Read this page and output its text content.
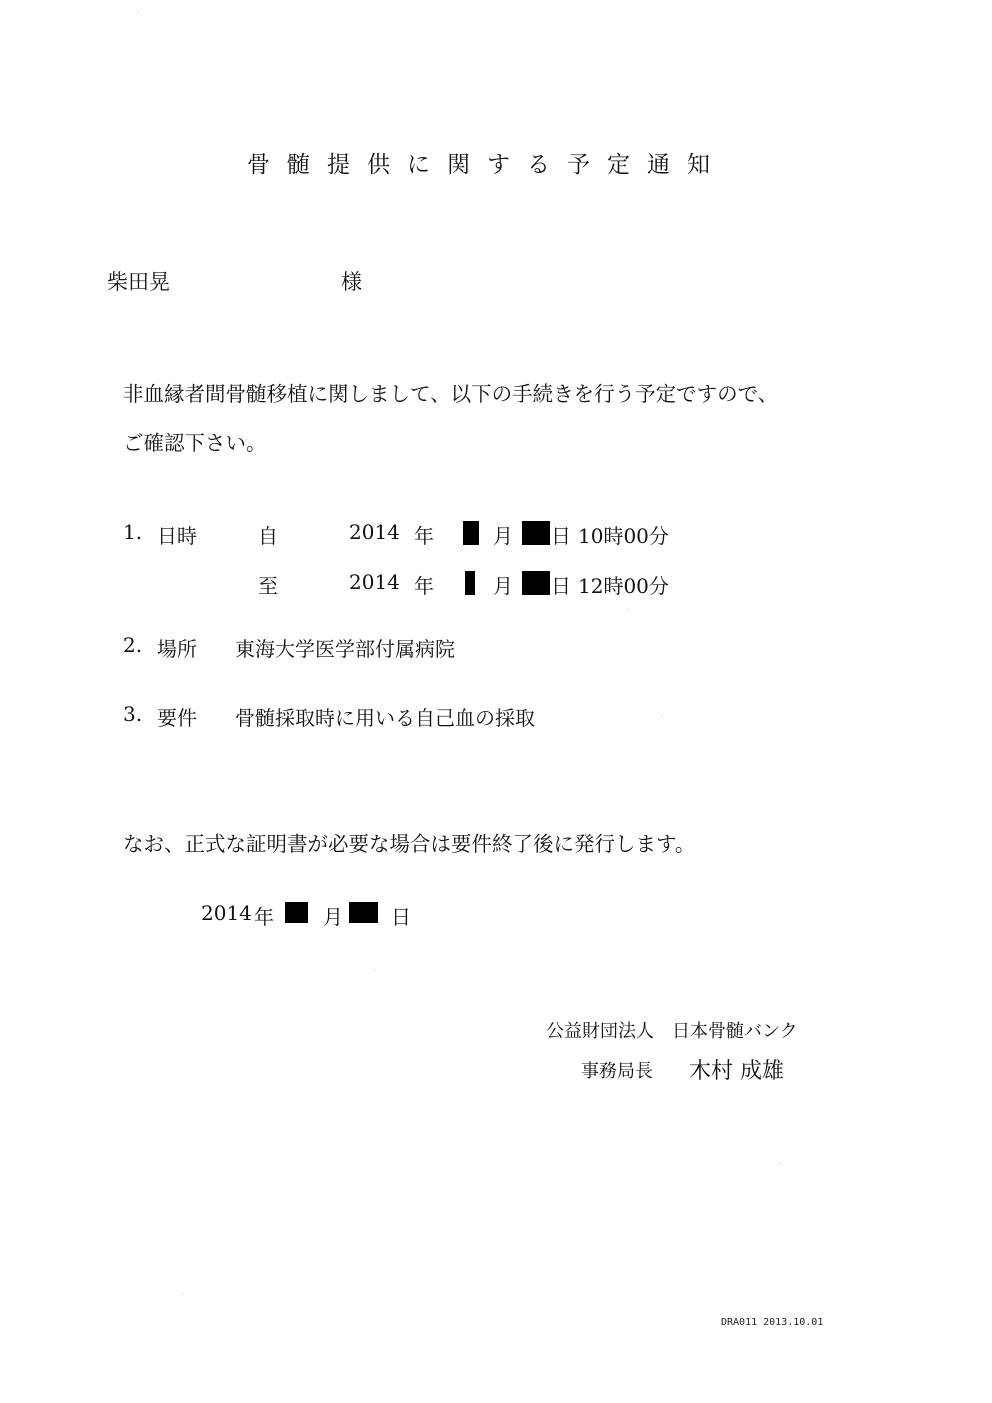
骨髄提供に関する予定通知
柴田晃	様
非血縁者間骨髄移植に関しまして、以下の手続きを行う予定ですので、
ご確認下さい。
1. 日時	自	2014 年	月 日 10時00分
至	2014 年	月 日 12時00分
2. 場所 東海大学医学部付属病院
3. 要件 骨髄採取時に用いる自己血の採取
なお、正式な証明書が必要な場合は要件終了後に発行します。
2014 年 月 日
公益財団法人　日本骨髄バンク
事務局長 木村 成雄
DRA011 2013.10.01
